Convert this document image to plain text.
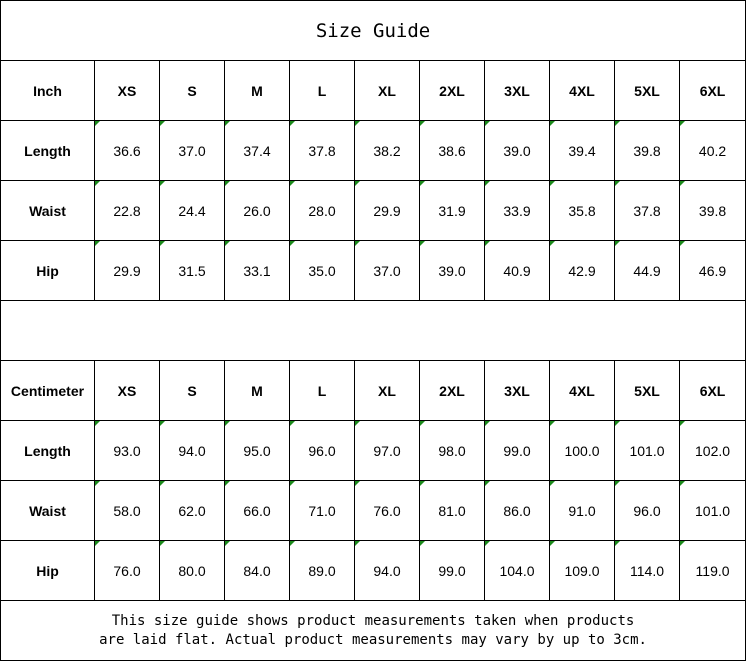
Size Guide										
Inch	XS	S	M	L	XL	2XL	3XL	4XL	5XL	6XL
Length	36.6	37.0	37.4	37.8	38.2	38.6	39.0	39.4	39.8	40.2
Waist	22.8	24.4	26.0	28.0	29.9	31.9	33.9	35.8	37.8	39.8
Hip	29.9	31.5	33.1	35.0	37.0	39.0	40.9	42.9	44.9	46.9

Centimeter	XS	S	M	L	XL	2XL	3XL	4XL	5XL	6XL
Length	93.0	94.0	95.0	96.0	97.0	98.0	99.0	100.0	101.0	102.0
Waist	58.0	62.0	66.0	71.0	76.0	81.0	86.0	91.0	96.0	101.0
Hip	76.0	80.0	84.0	89.0	94.0	99.0	104.0	109.0	114.0	119.0

This size guide shows product measurements taken when products
are laid flat. Actual product measurements may vary by up to 3cm.										
